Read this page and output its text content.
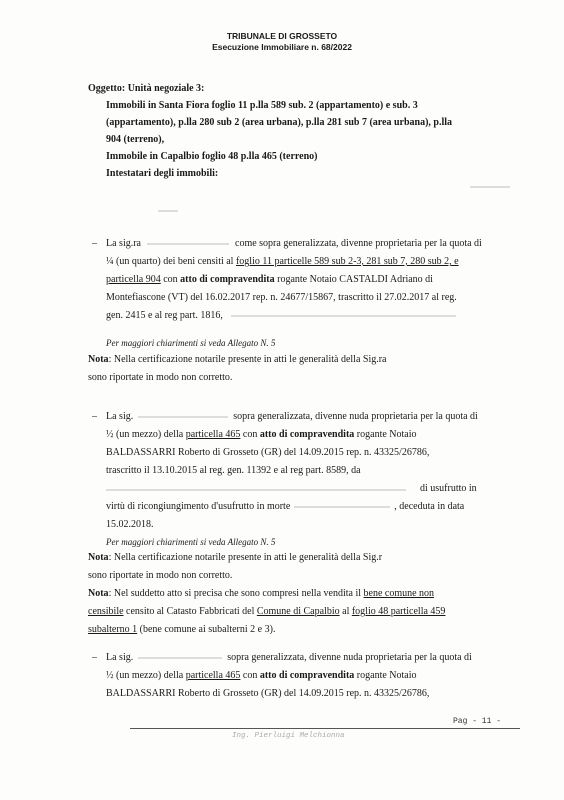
TRIBUNALE DI GROSSETO
Esecuzione Immobiliare n. 68/2022
Oggetto: Unità negoziale 3:
Immobili in Santa Fiora foglio 11 p.lla 589 sub. 2 (appartamento) e sub. 3
(appartamento), p.lla 280 sub 2 (area urbana), p.lla 281 sub 7 (area urbana), p.lla
904 (terreno),
Immobile in Capalbio foglio 48 p.lla 465 (terreno)
Intestatari degli immobili:
– La sig.ra	come sopra generalizzata, divenne proprietaria per la quota di
¼ (un quarto) dei beni censiti al foglio 11 particelle 589 sub 2-3, 281 sub 7, 280 sub 2, e
particella 904 con atto di compravendita rogante Notaio CASTALDI Adriano di
Montefiascone (VT) del 16.02.2017 rep. n. 24677/15867, trascritto il 27.02.2017 al reg.
gen. 2415 e al reg part. 1816,
Per maggiori chiarimenti si veda Allegato N. 5
Nota: Nella certificazione notarile presente in atti le generalità della Sig.ra
sono riportate in modo non corretto.
– La sig.	sopra generalizzata, divenne nuda proprietaria per la quota di
½ (un mezzo) della particella 465 con atto di compravendita rogante Notaio
BALDASSARRI Roberto di Grosseto (GR) del 14.09.2015 rep. n. 43325/26786,
trascritto il 13.10.2015 al reg. gen. 11392 e al reg part. 8589, da
di usufrutto in
virtù di ricongiungimento d'usufrutto in morte	, deceduta in data
15.02.2018.
Per maggiori chiarimenti si veda Allegato N. 5
Nota: Nella certificazione notarile presente in atti le generalità della Sig.r
sono riportate in modo non corretto.
Nota: Nel suddetto atto si precisa che sono compresi nella vendita il bene comune non
censibile censito al Catasto Fabbricati del Comune di Capalbio al foglio 48 particella 459
subalterno 1 (bene comune ai subalterni 2 e 3).
– La sig.	sopra generalizzata, divenne nuda proprietaria per la quota di
½ (un mezzo) della particella 465 con atto di compravendita rogante Notaio
BALDASSARRI Roberto di Grosseto (GR) del 14.09.2015 rep. n. 43325/26786,
Pag - 11 -
Ing. Pierluigi Melchionna
